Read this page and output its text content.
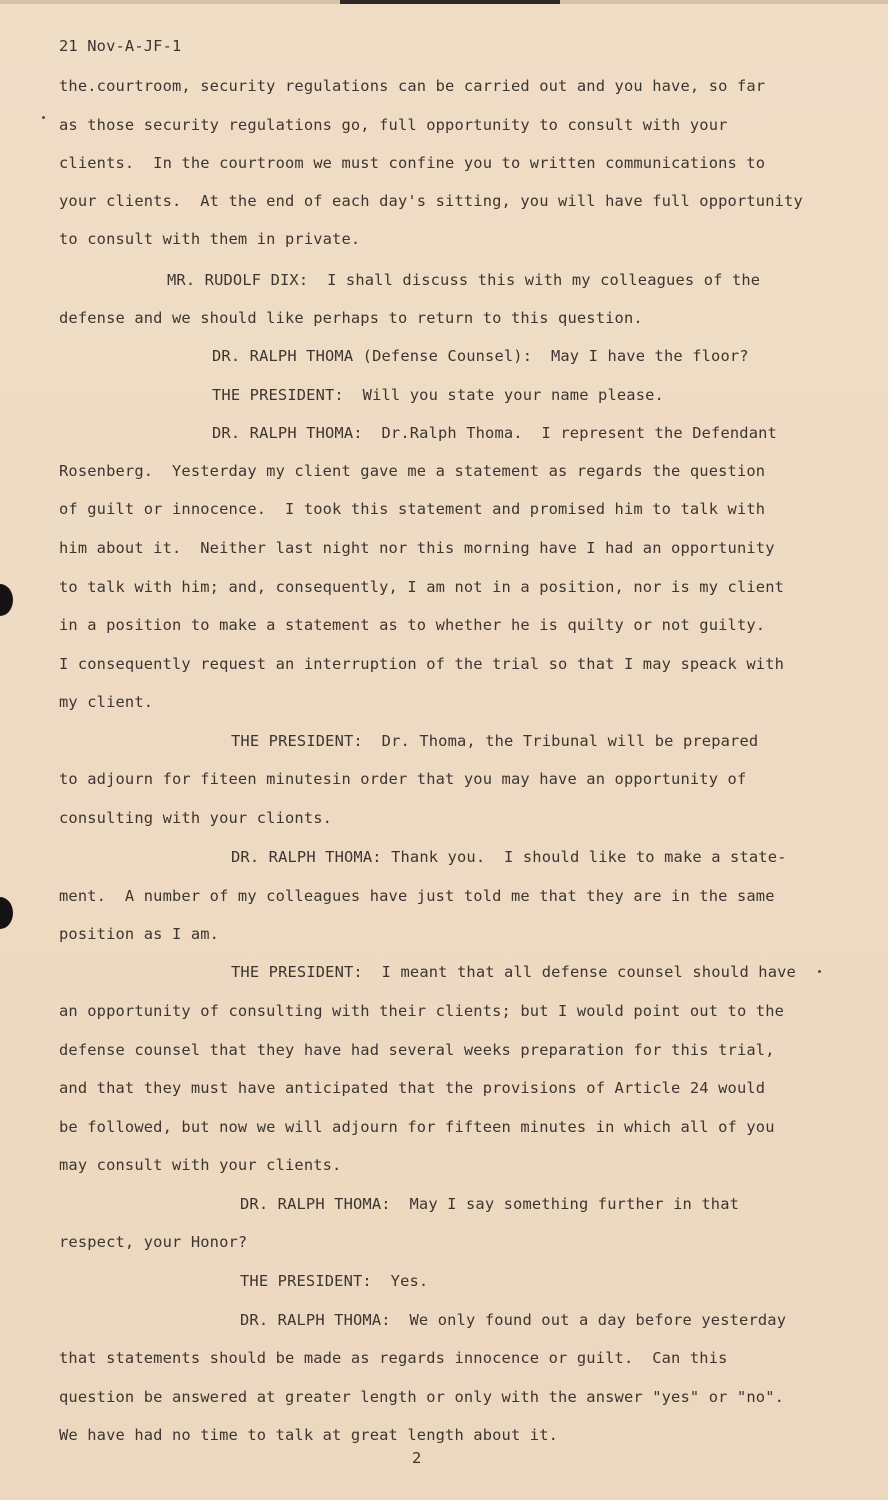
21 Nov-A-JF-1
the.courtroom, security regulations can be carried out and you have, so far
as those security regulations go, full opportunity to consult with your
clients.  In the courtroom we must confine you to written communications to
your clients.  At the end of each day's sitting, you will have full opportunity
to consult with them in private.
MR. RUDOLF DIX:  I shall discuss this with my colleagues of the
defense and we should like perhaps to return to this question.
DR. RALPH THOMA (Defense Counsel):  May I have the floor?
THE PRESIDENT:  Will you state your name please.
DR. RALPH THOMA:  Dr.Ralph Thoma.  I represent the Defendant
Rosenberg.  Yesterday my client gave me a statement as regards the question
of guilt or innocence.  I took this statement and promised him to talk with
him about it.  Neither last night nor this morning have I had an opportunity
to talk with him; and, consequently, I am not in a position, nor is my client
in a position to make a statement as to whether he is quilty or not guilty.
I consequently request an interruption of the trial so that I may speack with
my client.
THE PRESIDENT:  Dr. Thoma, the Tribunal will be prepared
to adjourn for fiteen minutesin order that you may have an opportunity of
consulting with your clionts.
DR. RALPH THOMA: Thank you.  I should like to make a state-
ment.  A number of my colleagues have just told me that they are in the same
position as I am.
THE PRESIDENT:  I meant that all defense counsel should have
an opportunity of consulting with their clients; but I would point out to the
defense counsel that they have had several weeks preparation for this trial,
and that they must have anticipated that the provisions of Article 24 would
be followed, but now we will adjourn for fifteen minutes in which all of you
may consult with your clients.
DR. RALPH THOMA:  May I say something further in that
respect, your Honor?
THE PRESIDENT:  Yes.
DR. RALPH THOMA:  We only found out a day before yesterday
that statements should be made as regards innocence or guilt.  Can this
question be answered at greater length or only with the answer "yes" or "no".
We have had no time to talk at great length about it.
2
